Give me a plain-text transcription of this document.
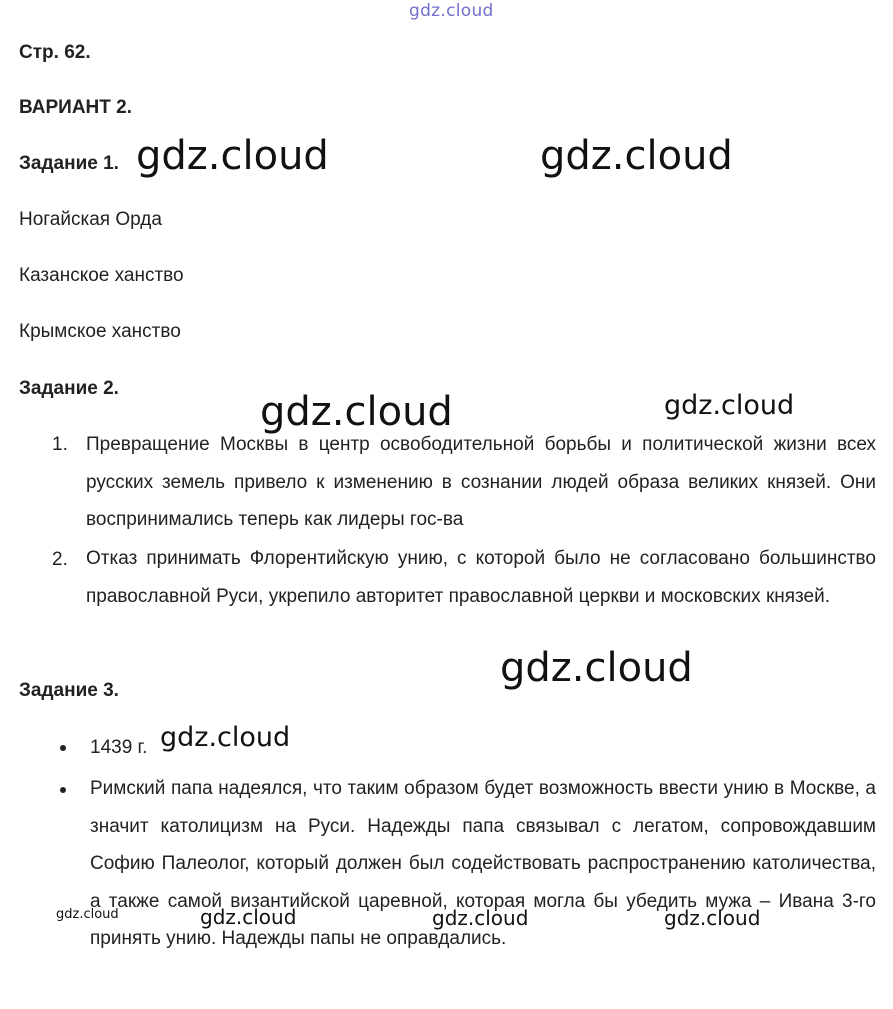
gdz.cloud
Стр. 62.
ВАРИАНТ 2.
Задание 1.
Ногайская Орда
Казанское ханство
Крымское ханство
Задание 2.
1. Превращение Москвы в центр освободительной борьбы и политической жизни всех русских земель привело к изменению в сознании людей образа великих князей. Они воспринимались теперь как лидеры гос-ва
2. Отказ принимать Флорентийскую унию, с которой было не согласовано большинство православной Руси, укрепило авторитет православной церкви и московских князей.
Задание 3.
1439 г.
Римский папа надеялся, что таким образом будет возможность ввести унию в Москве, а значит католицизм на Руси. Надежды папа связывал с легатом, сопровождавшим Софию Палеолог, который должен был содействовать распространению католичества, а также самой византийской царевной, которая могла бы убедить мужа – Ивана 3-го принять унию. Надежды папы не оправдались.
gdz.cloud	gdz.cloud
gdz.cloud	gdz.cloud
gdz.cloud
gdz.cloud
gdz.cloud	gdz.cloud	gdz.cloud	gdz.cloud
